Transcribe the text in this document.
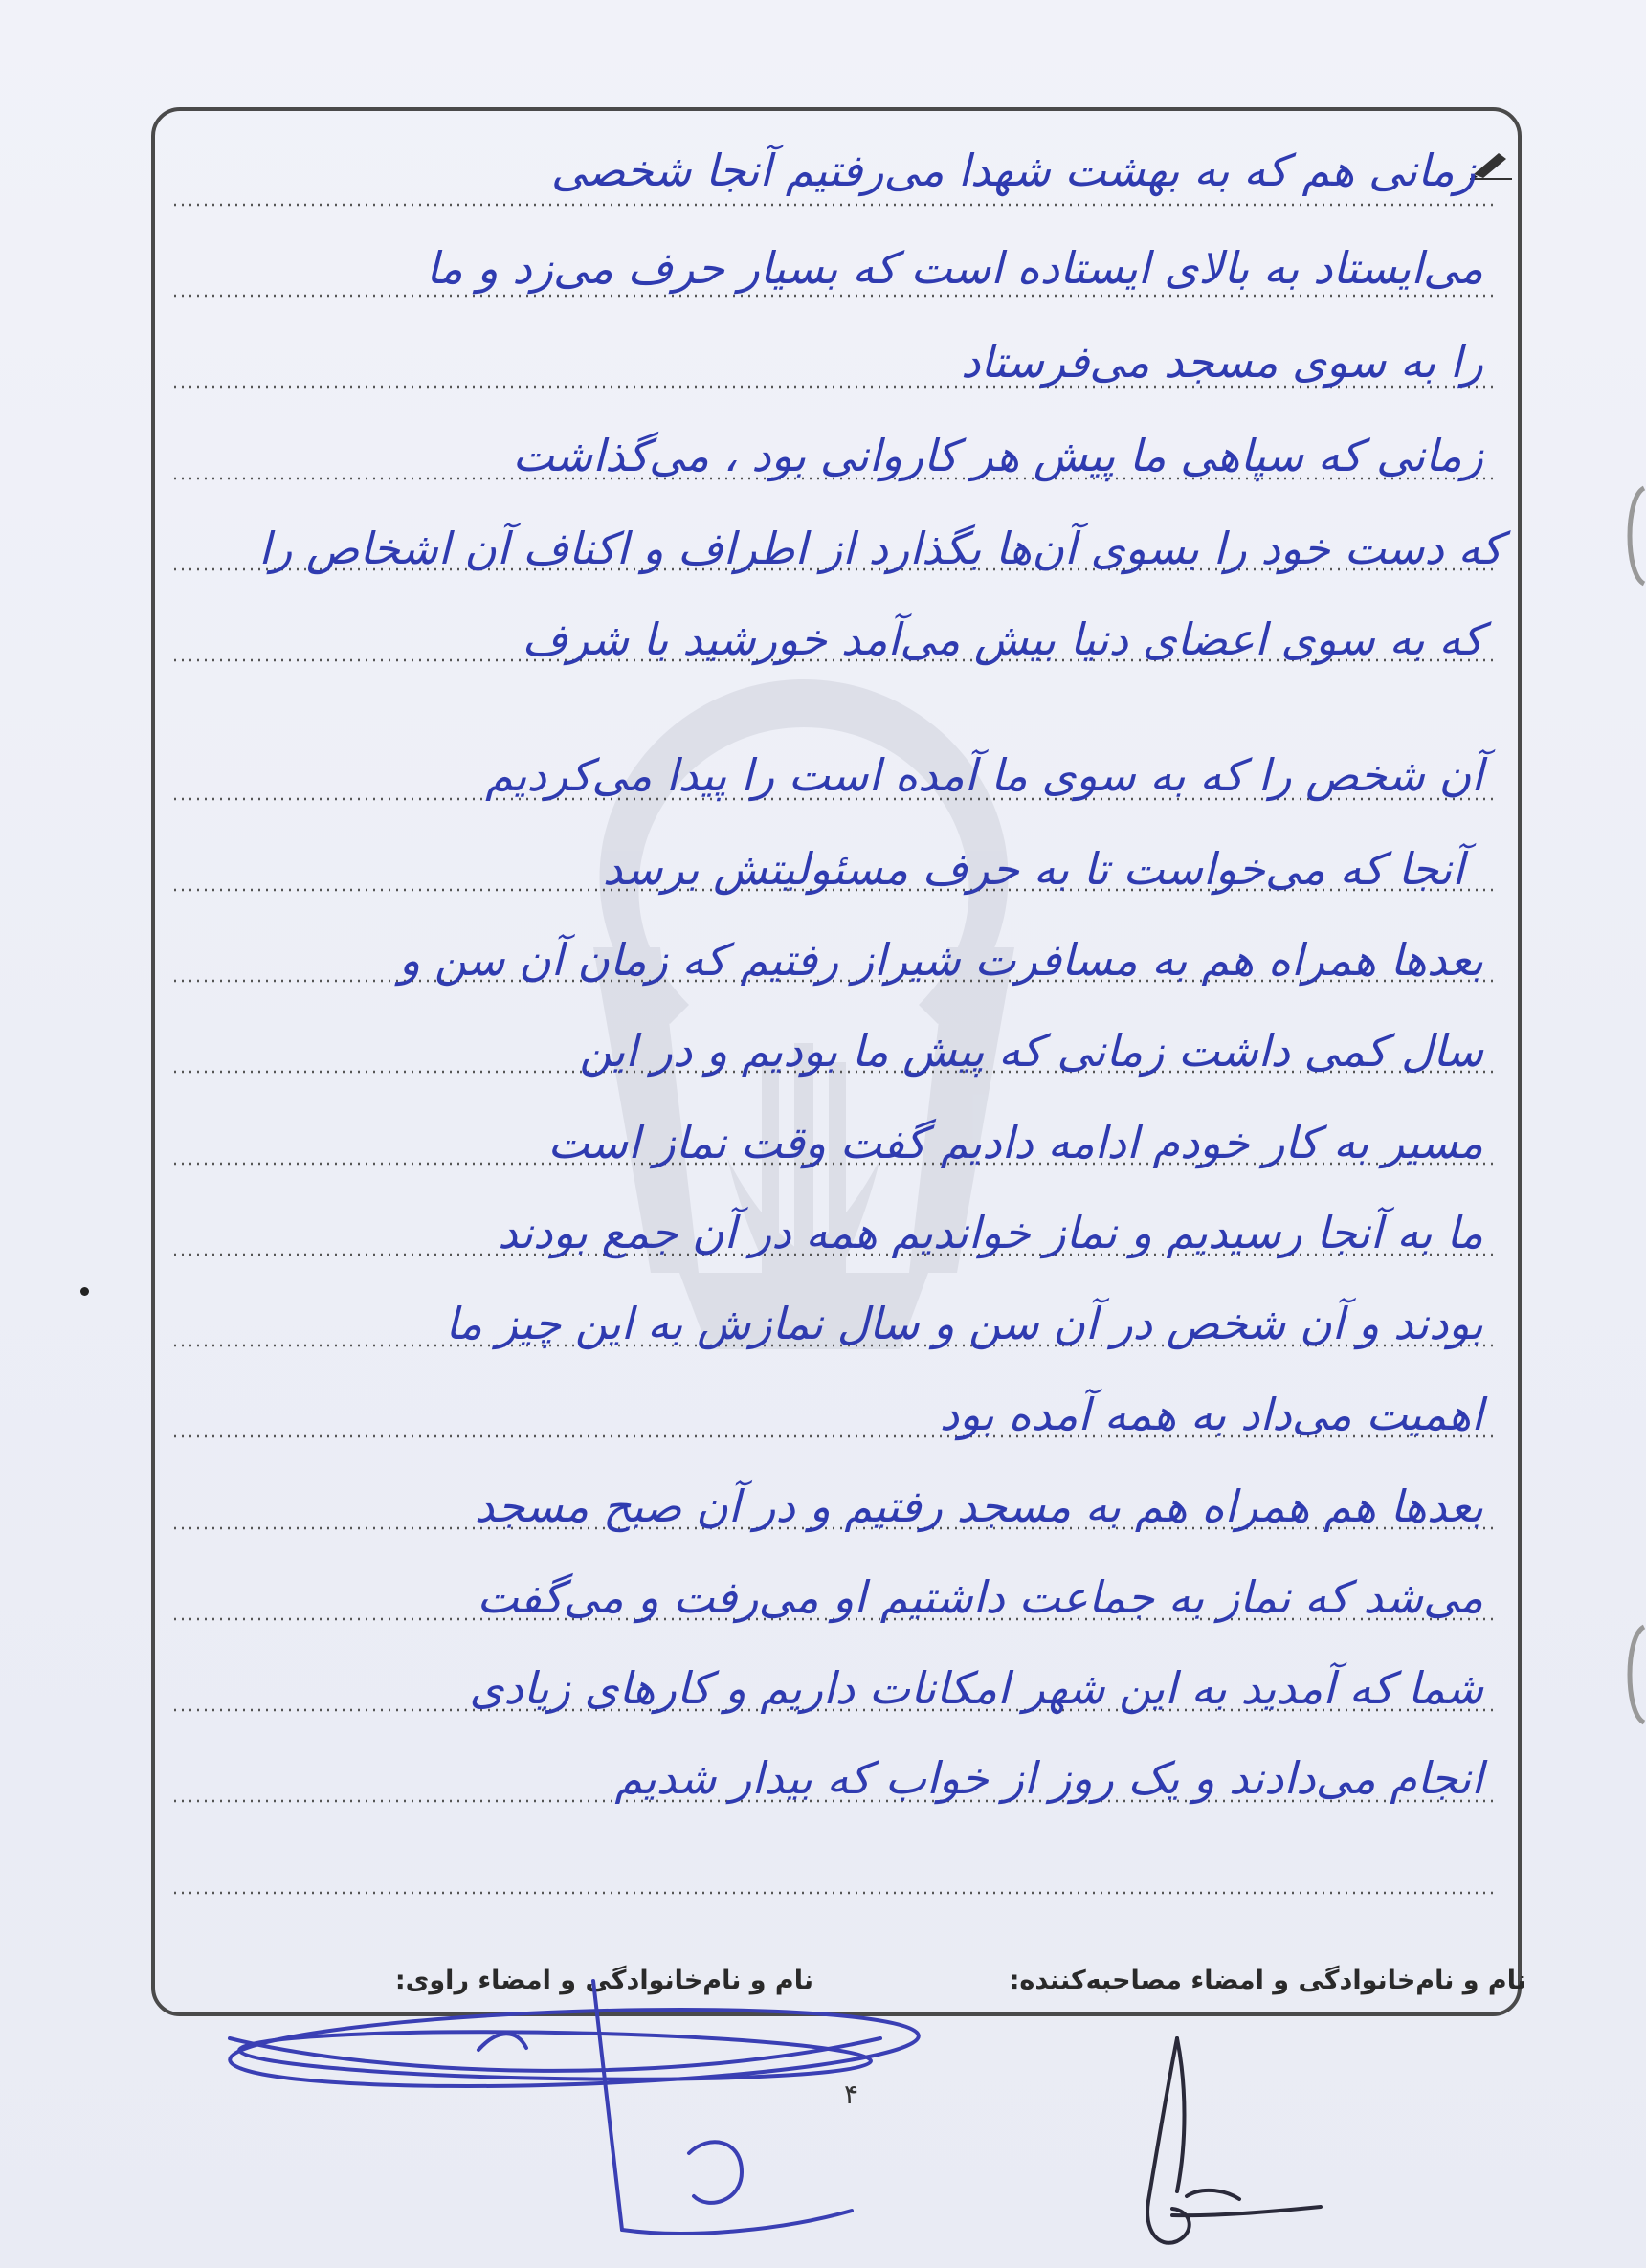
زمانی هم که به بهشت شهدا می‌رفتیم آنجا شخصی
می‌ایستاد به بالای ایستاده است که بسیار حرف می‌زد و ما
را به سوی مسجد می‌فرستاد
زمانی که سپاهی ما پیش هر کاروانی بود ، می‌گذاشت
که دست خود را بسوی آن‌ها بگذارد از اطراف و اکناف آن اشخاص را
که به سوی اعضای دنیا بیش می‌آمد خورشید با شرف
آن شخص را که به سوی ما آمده است را پیدا می‌کردیم
آنجا که می‌خواست تا به حرف مسئولیتش برسد
بعدها همراه هم به مسافرت شیراز رفتیم که زمان آن سن و
سال کمی داشت زمانی که پیش ما بودیم و در این
مسیر به کار خودم ادامه دادیم گفت وقت نماز است
ما به آنجا رسیدیم و نماز خواندیم همه در آن جمع بودند
بودند و آن شخص در آن سن و سال نمازش به این چیز ما
اهمیت می‌داد به همه آمده بود
بعدها هم همراه هم به مسجد رفتیم و در آن صبح مسجد
می‌شد که نماز به جماعت داشتیم او می‌رفت و می‌گفت
شما که آمدید به این شهر امکانات داریم و کارهای زیادی
انجام می‌دادند و یک روز از خواب که بیدار شدیم
نام و نام‌خانوادگی و امضاء مصاحبه‌کننده:
نام و نام‌خانوادگی و امضاء راوی:
۴
